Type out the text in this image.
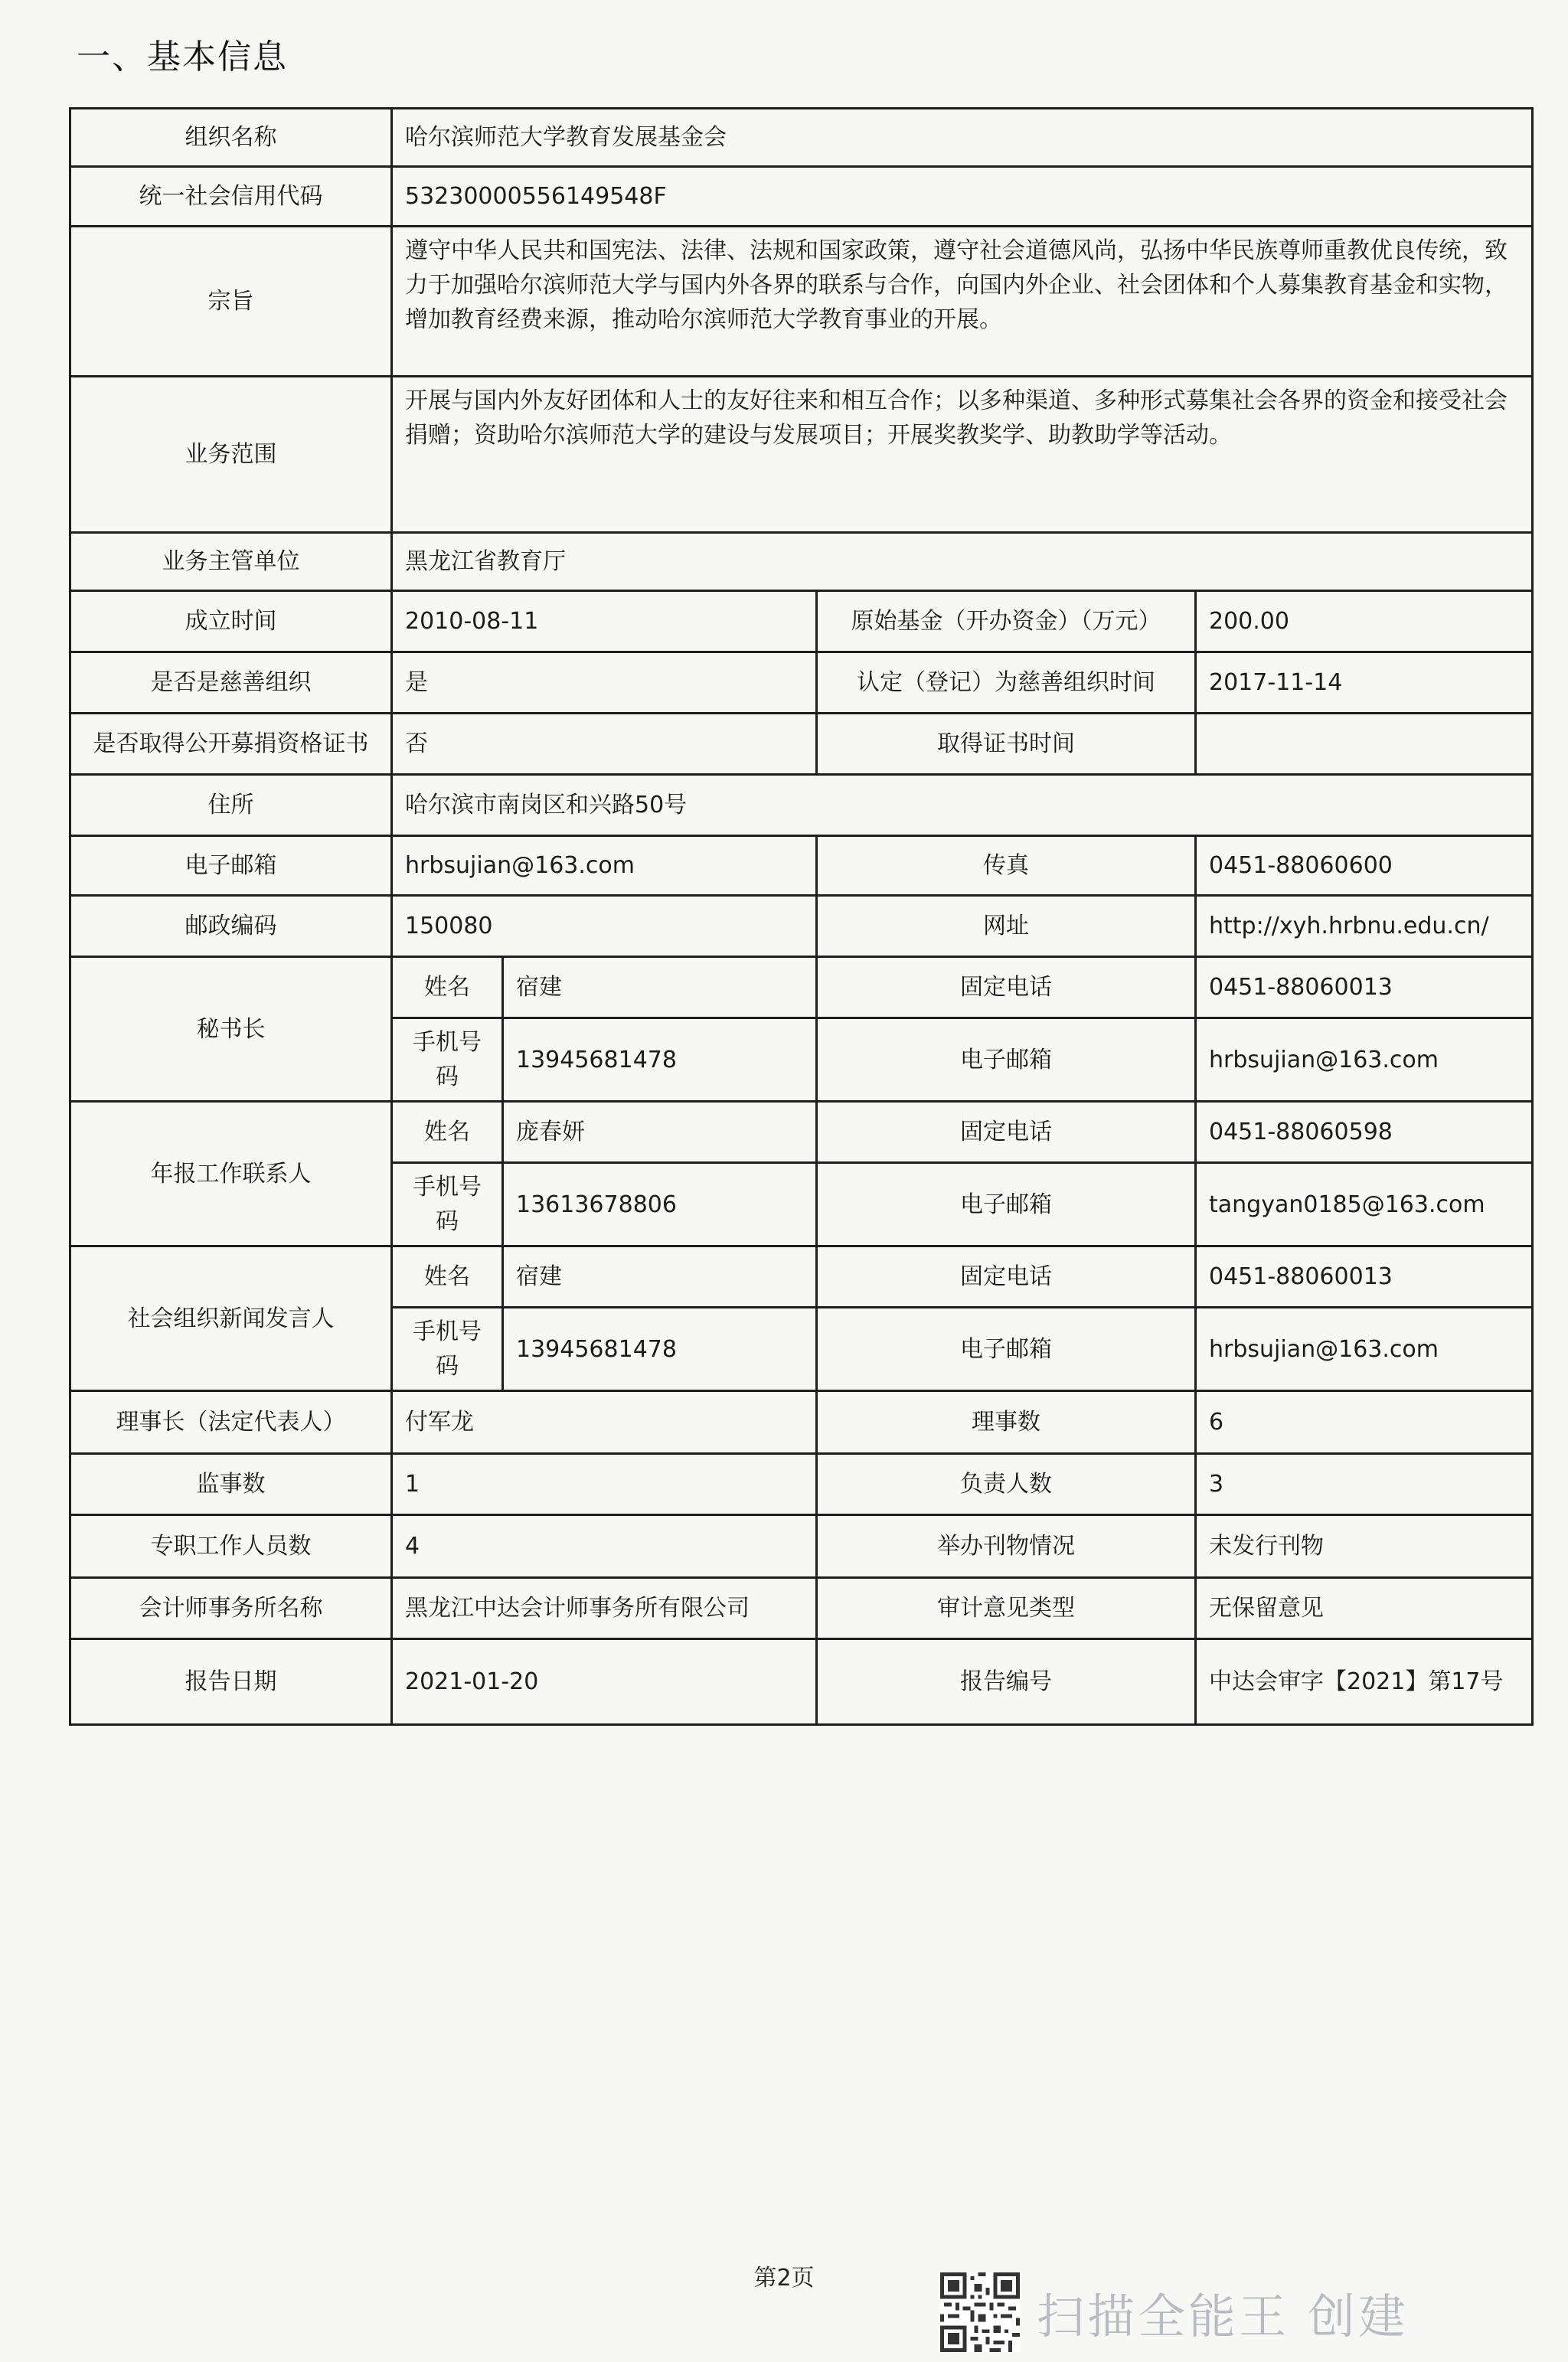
一、基本信息
组织名称	哈尔滨师范大学教育发展基金会			
统一社会信用代码	53230000556149548F			
宗旨	遵守中华人民共和国宪法、法律、法规和国家政策，遵守社会道德风尚，弘扬中华民族尊师重教优良传统，致力于加强哈尔滨师范大学与国内外各界的联系与合作，向国内外企业、社会团体和个人募集教育基金和实物，增加教育经费来源，推动哈尔滨师范大学教育事业的开展。			
业务范围	开展与国内外友好团体和人士的友好往来和相互合作；以多种渠道、多种形式募集社会各界的资金和接受社会捐赠；资助哈尔滨师范大学的建设与发展项目；开展奖教奖学、助教助学等活动。			
业务主管单位	黑龙江省教育厅			
成立时间	2010-08-11		原始基金（开办资金）（万元）	200.00
是否是慈善组织	是		认定（登记）为慈善组织时间	2017-11-14
是否取得公开募捐资格证书	否		取得证书时间	
住所	哈尔滨市南岗区和兴路50号			
电子邮箱	hrbsujian@163.com		传真	0451-88060600
邮政编码	150080		网址	http://xyh.hrbnu.edu.cn/
秘书长	姓名	宿建	固定电话	0451-88060013
	手机号码	13945681478	电子邮箱	hrbsujian@163.com
年报工作联系人	姓名	庞春妍	固定电话	0451-88060598
	手机号码	13613678806	电子邮箱	tangyan0185@163.com
社会组织新闻发言人	姓名	宿建	固定电话	0451-88060013
	手机号码	13945681478	电子邮箱	hrbsujian@163.com
理事长（法定代表人）	付军龙		理事数	6
监事数	1		负责人数	3
专职工作人员数	4		举办刊物情况	未发行刊物
会计师事务所名称	黑龙江中达会计师事务所有限公司		审计意见类型	无保留意见
报告日期	2021-01-20		报告编号	中达会审字【2021】第17号
第2页
扫描全能王 创建
